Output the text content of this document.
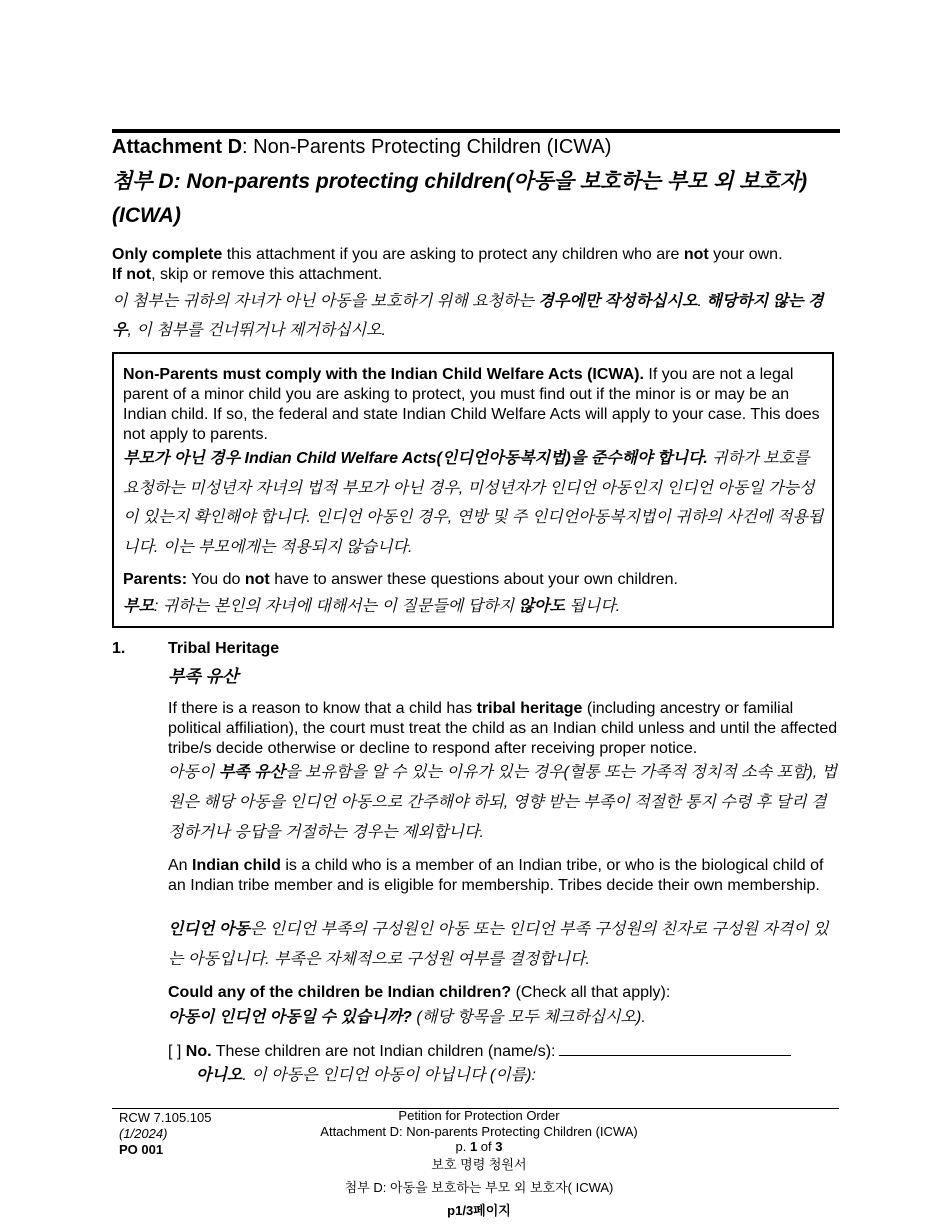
Attachment D: Non-Parents Protecting Children (ICWA)
첨부 D: Non-parents protecting children(아동을 보호하는 부모 외 보호자)(ICWA)
Only complete this attachment if you are asking to protect any children who are not your own.
If not, skip or remove this attachment.
이 첨부는 귀하의 자녀가 아닌 아동을 보호하기 위해 요청하는 경우에만 작성하십시오. 해당하지 않는 경우, 이 첨부를 건너뛰거나 제거하십시오.
Non-Parents must comply with the Indian Child Welfare Acts (ICWA). If you are not a legal parent of a minor child you are asking to protect, you must find out if the minor is or may be an Indian child. If so, the federal and state Indian Child Welfare Acts will apply to your case. This does not apply to parents.
부모가 아닌 경우 Indian Child Welfare Acts(인디언아동복지법)을 준수해야 합니다. 귀하가 보호를 요청하는 미성년자 자녀의 법적 부모가 아닌 경우, 미성년자가 인디언 아동인지 인디언 아동일 가능성이 있는지 확인해야 합니다. 인디언 아동인 경우, 연방 및 주 인디언아동복지법이 귀하의 사건에 적용됩니다. 이는 부모에게는 적용되지 않습니다.
Parents: You do not have to answer these questions about your own children.
부모: 귀하는 본인의 자녀에 대해서는 이 질문들에 답하지 않아도 됩니다.
1.	Tribal Heritage
부족 유산
If there is a reason to know that a child has tribal heritage (including ancestry or familial political affiliation), the court must treat the child as an Indian child unless and until the affected tribe/s decide otherwise or decline to respond after receiving proper notice.
아동이 부족 유산을 보유함을 알 수 있는 이유가 있는 경우(혈통 또는 가족적 정치적 소속 포함), 법원은 해당 아동을 인디언 아동으로 간주해야 하되, 영향 받는 부족이 적절한 통지 수령 후 달리 결정하거나 응답을 거절하는 경우는 제외합니다.
An Indian child is a child who is a member of an Indian tribe, or who is the biological child of an Indian tribe member and is eligible for membership. Tribes decide their own membership.
인디언 아동은 인디언 부족의 구성원인 아동 또는 인디언 부족 구성원의 친자로 구성원 자격이 있는 아동입니다. 부족은 자체적으로 구성원 여부를 결정합니다.
Could any of the children be Indian children? (Check all that apply):
아동이 인디언 아동일 수 있습니까? (해당 항목을 모두 체크하십시오).
[ ] No. These children are not Indian children (name/s):
아니오. 이 아동은 인디언 아동이 아닙니다 (이름):
RCW 7.105.105
(1/2024)
PO 001
Petition for Protection Order
Attachment D: Non-parents Protecting Children (ICWA)
p. 1 of 3
보호 명령 청원서
첨부 D: 아동을 보호하는 부모 외 보호자( ICWA)
p1/3페이지
